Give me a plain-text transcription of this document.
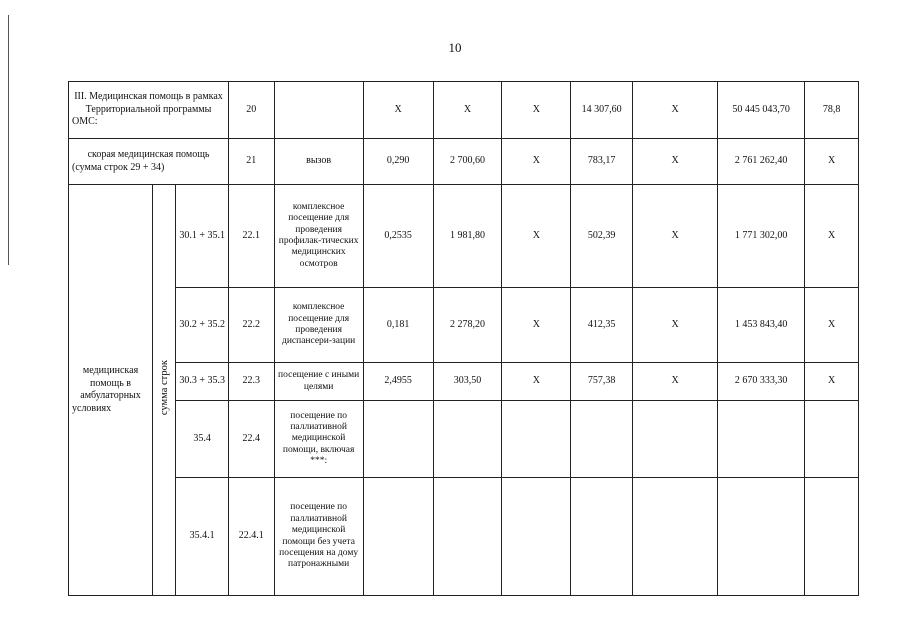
10
III. Медицинская помощь в рамках Территориальной программы ОМС:			20		X	X	X	14 307,60	X	50 445 043,70	78,8
скорая медицинская помощь (сумма строк 29 + 34)			21	вызов	0,290	2 700,60	X	783,17	X	2 761 262,40	X
медицинская помощь в амбулаторных условиях	сумма строк	30.1 + 35.1	22.1	комплексное посещение для проведения профилак-тических медицинских осмотров	0,2535	1 981,80	X	502,39	X	1 771 302,00	X
		30.2 + 35.2	22.2	комплексное посещение для проведения диспансери-зации	0,181	2 278,20	X	412,35	X	1 453 843,40	X
		30.3 + 35.3	22.3	посещение с иными целями	2,4955	303,50	X	757,38	X	2 670 333,30	X
		35.4	22.4	посещение по паллиативной медицинской помощи, включая ***:							
		35.4.1	22.4.1	посещение по паллиативной медицинской помощи без учета посещения на дому патронажными							
